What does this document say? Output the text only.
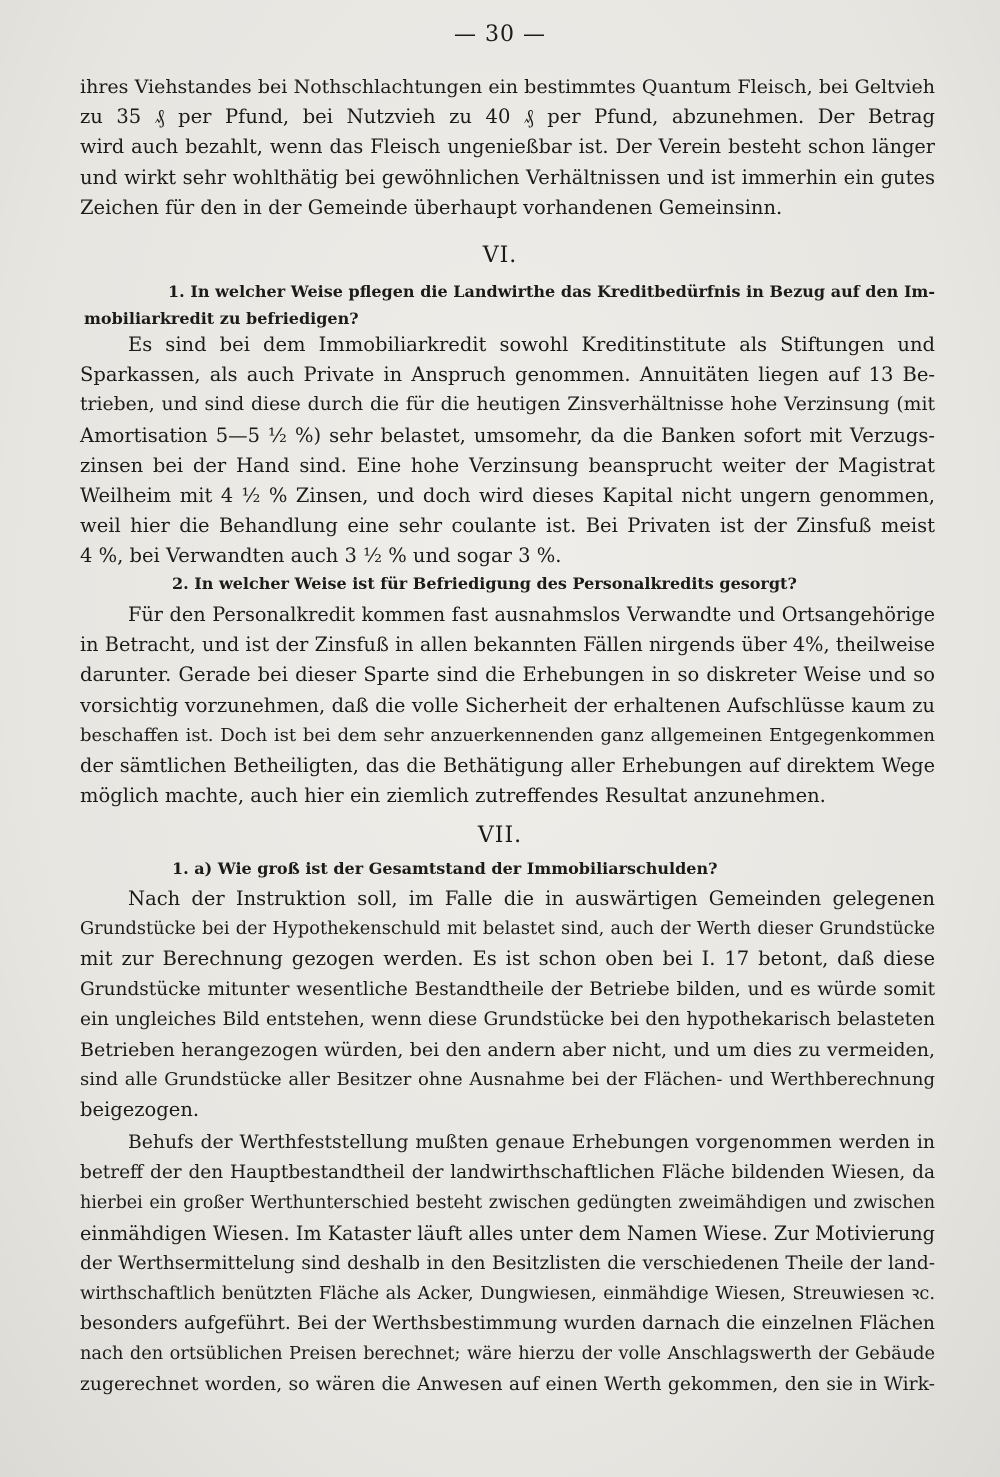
— 30 —
ihres Viehstandes bei Nothschlachtungen ein bestimmtes Quantum Fleisch, bei Geltvieh
zu 35 ₰ per Pfund, bei Nutzvieh zu 40 ₰ per Pfund, abzunehmen. Der Betrag
wird auch bezahlt, wenn das Fleisch ungenießbar ist. Der Verein besteht schon länger
und wirkt sehr wohlthätig bei gewöhnlichen Verhältnissen und ist immerhin ein gutes
Zeichen für den in der Gemeinde überhaupt vorhandenen Gemeinsinn.
VI.
1. In welcher Weise pflegen die Landwirthe das Kreditbedürfnis in Bezug auf den Im-
mobiliarkredit zu befriedigen?
Es sind bei dem Immobiliarkredit sowohl Kreditinstitute als Stiftungen und
Sparkassen, als auch Private in Anspruch genommen. Annuitäten liegen auf 13 Be-
trieben, und sind diese durch die für die heutigen Zinsverhältnisse hohe Verzinsung (mit
Amortisation 5—5 ½ %) sehr belastet, umsomehr, da die Banken sofort mit Verzugs-
zinsen bei der Hand sind. Eine hohe Verzinsung beansprucht weiter der Magistrat
Weilheim mit 4 ½ % Zinsen, und doch wird dieses Kapital nicht ungern genommen,
weil hier die Behandlung eine sehr coulante ist. Bei Privaten ist der Zinsfuß meist
4 %, bei Verwandten auch 3 ½ % und sogar 3 %.
2. In welcher Weise ist für Befriedigung des Personalkredits gesorgt?
Für den Personalkredit kommen fast ausnahmslos Verwandte und Ortsangehörige
in Betracht, und ist der Zinsfuß in allen bekannten Fällen nirgends über 4%, theilweise
darunter. Gerade bei dieser Sparte sind die Erhebungen in so diskreter Weise und so
vorsichtig vorzunehmen, daß die volle Sicherheit der erhaltenen Aufschlüsse kaum zu
beschaffen ist. Doch ist bei dem sehr anzuerkennenden ganz allgemeinen Entgegenkommen
der sämtlichen Betheiligten, das die Bethätigung aller Erhebungen auf direktem Wege
möglich machte, auch hier ein ziemlich zutreffendes Resultat anzunehmen.
VII.
1. a) Wie groß ist der Gesamtstand der Immobiliarschulden?
Nach der Instruktion soll, im Falle die in auswärtigen Gemeinden gelegenen
Grundstücke bei der Hypothekenschuld mit belastet sind, auch der Werth dieser Grundstücke
mit zur Berechnung gezogen werden. Es ist schon oben bei I. 17 betont, daß diese
Grundstücke mitunter wesentliche Bestandtheile der Betriebe bilden, und es würde somit
ein ungleiches Bild entstehen, wenn diese Grundstücke bei den hypothekarisch belasteten
Betrieben herangezogen würden, bei den andern aber nicht, und um dies zu vermeiden,
sind alle Grundstücke aller Besitzer ohne Ausnahme bei der Flächen- und Werthberechnung
beigezogen.
Behufs der Werthfeststellung mußten genaue Erhebungen vorgenommen werden in
betreff der den Hauptbestandtheil der landwirthschaftlichen Fläche bildenden Wiesen, da
hierbei ein großer Werthunterschied besteht zwischen gedüngten zweimähdigen und zwischen
einmähdigen Wiesen. Im Kataster läuft alles unter dem Namen Wiese. Zur Motivierung
der Werthsermittelung sind deshalb in den Besitzlisten die verschiedenen Theile der land-
wirthschaftlich benützten Fläche als Acker, Dungwiesen, einmähdige Wiesen, Streuwiesen ꝛc.
besonders aufgeführt. Bei der Werthsbestimmung wurden darnach die einzelnen Flächen
nach den ortsüblichen Preisen berechnet; wäre hierzu der volle Anschlagswerth der Gebäude
zugerechnet worden, so wären die Anwesen auf einen Werth gekommen, den sie in Wirk-
